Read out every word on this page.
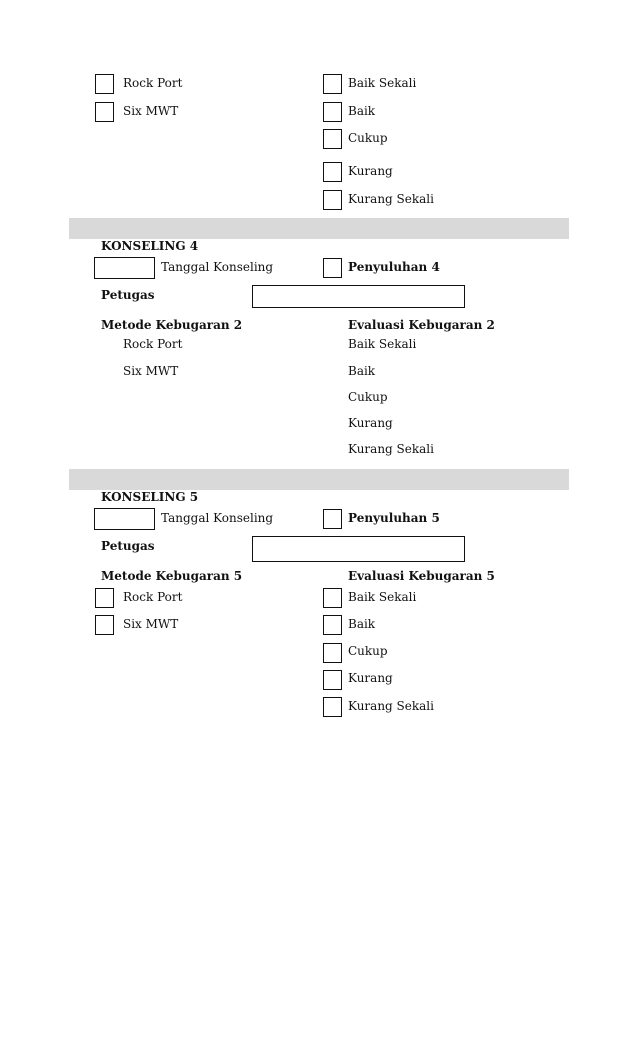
Rock Port
Six MWT
Baik Sekali
Baik
Cukup
Kurang
Kurang Sekali
KONSELING 4
Tanggal Konseling	Penyuluhan 4
Petugas
Metode Kebugaran 2	Evaluasi Kebugaran 2
Rock Port
Six MWT
Baik Sekali
Baik
Cukup
Kurang
Kurang Sekali
KONSELING 5
Tanggal Konseling	Penyuluhan 5
Petugas
Metode Kebugaran 5	Evaluasi Kebugaran 5
Rock Port
Six MWT
Baik Sekali
Baik
Cukup
Kurang
Kurang Sekali
